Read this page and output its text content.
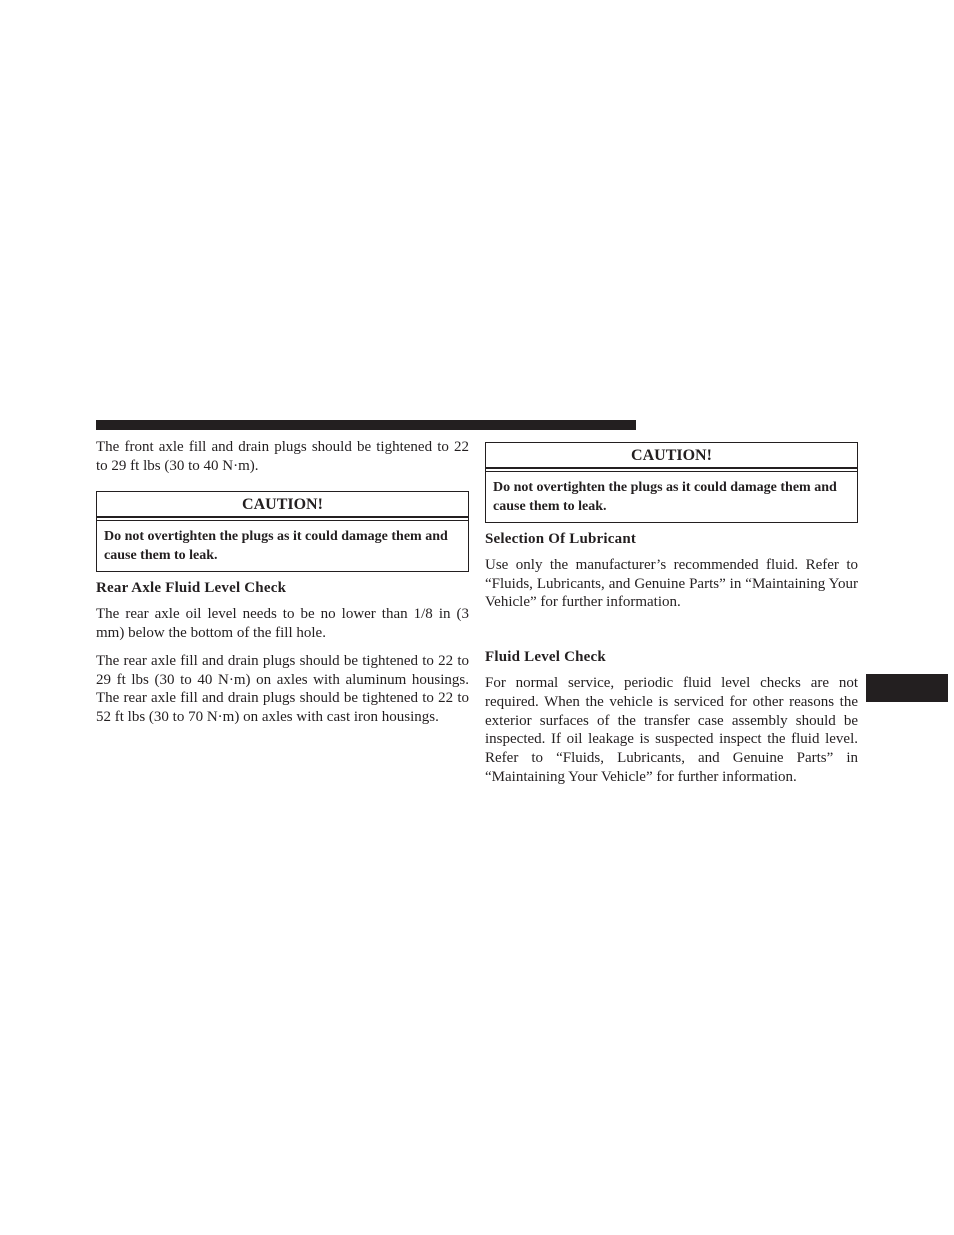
The front axle fill and drain plugs should be tightened to 22 to 29 ft lbs (30 to 40 N·m).

CAUTION!
Do not overtighten the plugs as it could damage them and cause them to leak.
Rear Axle Fluid Level Check

The rear axle oil level needs to be no lower than 1/8 in (3 mm) below the bottom of the fill hole.

The rear axle fill and drain plugs should be tightened to 22 to 29 ft lbs (30 to 40 N·m) on axles with aluminum housings. The rear axle fill and drain plugs should be tightened to 22 to 52 ft lbs (30 to 70 N·m) on axles with cast iron housings.

CAUTION!
Do not overtighten the plugs as it could damage them and cause them to leak.
Selection Of Lubricant

Use only the manufacturer’s recommended fluid. Refer to “Fluids, Lubricants, and Genuine Parts” in “Maintaining Your Vehicle” for further information.

Fluid Level Check

For normal service, periodic fluid level checks are not required. When the vehicle is serviced for other reasons the exterior surfaces of the transfer case assembly should be inspected. If oil leakage is suspected inspect the fluid level. Refer to “Fluids, Lubricants, and Genuine Parts” in “Maintaining Your Vehicle” for further information.
